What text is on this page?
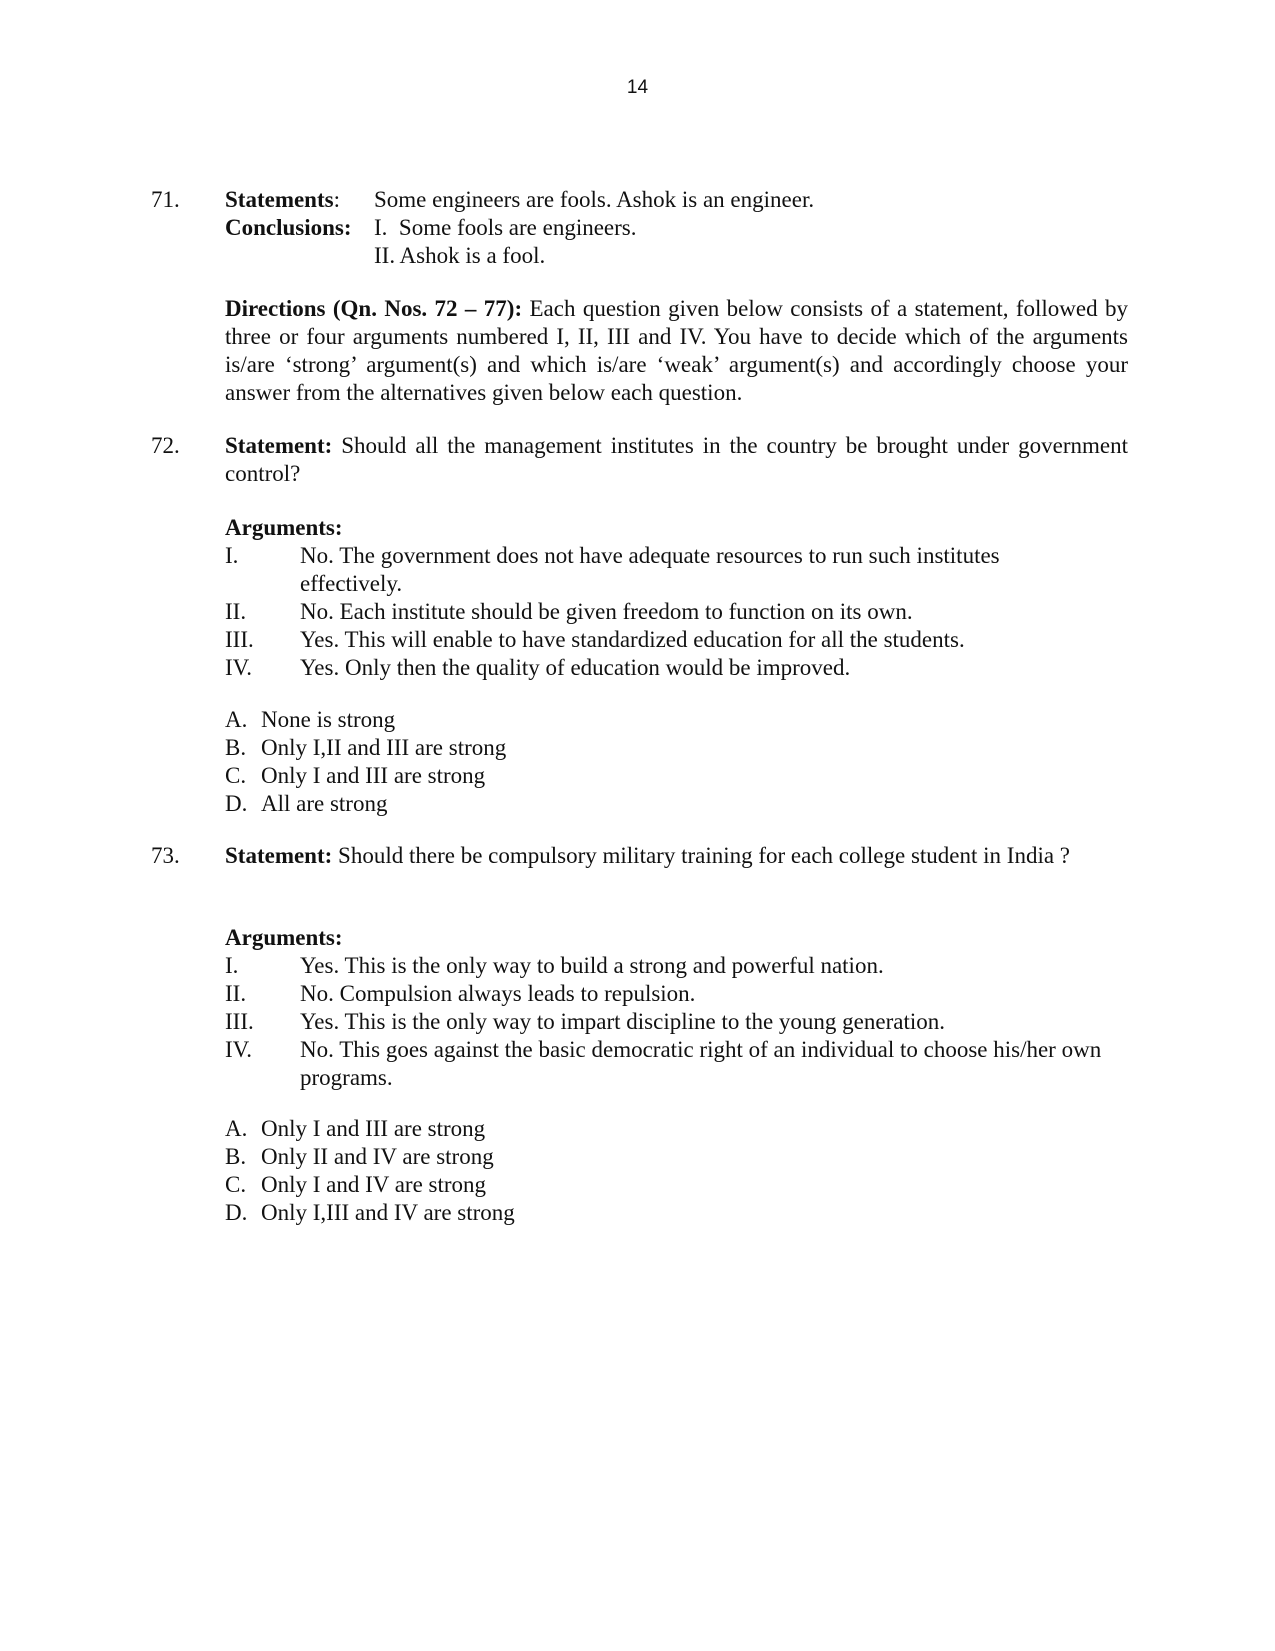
14
71. Statements:	Some engineers are fools. Ashok is an engineer.
Conclusions: I.  Some fools are engineers.
II. Ashok is a fool.
Directions (Qn. Nos. 72 – 77): Each question given below consists of a statement, followed by three or four arguments numbered I, II, III and IV. You have to decide which of the arguments is/are ‘strong’ argument(s) and which is/are ‘weak’ argument(s) and accordingly choose your answer from the alternatives given below each question.
72. Statement: Should all the management institutes in the country be brought under government control?
Arguments:
I.	No. The government does not have adequate resources to run such institutes effectively.
II.	No. Each institute should be given freedom to function on its own.
III.	Yes. This will enable to have standardized education for all the students.
IV.	Yes. Only then the quality of education would be improved.
A. None is strong
B. Only I,II and III are strong
C. Only I and III are strong
D. All are strong
73. Statement: Should there be compulsory military training for each college student in India ?
Arguments:
I.	Yes. This is the only way to build a strong and powerful nation.
II.	No. Compulsion always leads to repulsion.
III.	Yes. This is the only way to impart discipline to the young generation.
IV.	No. This goes against the basic democratic right of an individual to choose his/her own programs.
A. Only I and III are strong
B. Only II and IV are strong
C. Only I and IV are strong
D. Only I,III and IV are strong
